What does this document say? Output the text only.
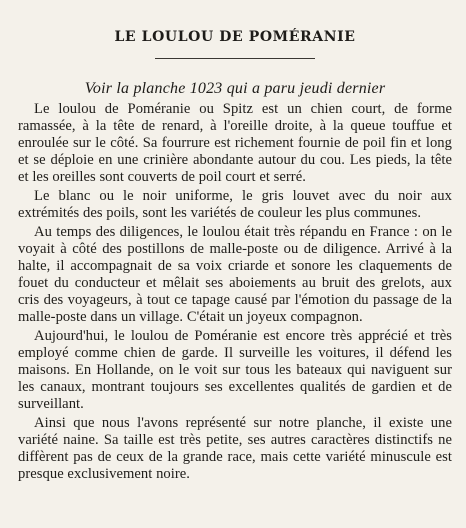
LE LOULOU DE POMÉRANIE

Voir la planche 1023 qui a paru jeudi dernier

Le loulou de Poméranie ou Spitz est un chien court, de forme ramassée, à la tête de renard, à l'oreille droite, à la queue touffue et enroulée sur le côté. Sa fourrure est richement fournie de poil fin et long et se déploie en une crinière abondante autour du cou. Les pieds, la tête et les oreilles sont couverts de poil court et serré.

Le blanc ou le noir uniforme, le gris louvet avec du noir aux extrémités des poils, sont les variétés de couleur les plus communes.

Au temps des diligences, le loulou était très répandu en France : on le voyait à côté des postillons de malle-poste ou de diligence. Arrivé à la halte, il accompagnait de sa voix criarde et sonore les claquements de fouet du conducteur et mêlait ses aboiements au bruit des grelots, aux cris des voyageurs, à tout ce tapage causé par l'émotion du passage de la malle-poste dans un village. C'était un joyeux compagnon.

Aujourd'hui, le loulou de Poméranie est encore très apprécié et très employé comme chien de garde. Il surveille les voitures, il défend les maisons. En Hollande, on le voit sur tous les bateaux qui naviguent sur les canaux, montrant toujours ses excellentes qualités de gardien et de surveillant.

Ainsi que nous l'avons représenté sur notre planche, il existe une variété naine. Sa taille est très petite, ses autres caractères distinctifs ne diffèrent pas de ceux de la grande race, mais cette variété minuscule est presque exclusivement noire.
